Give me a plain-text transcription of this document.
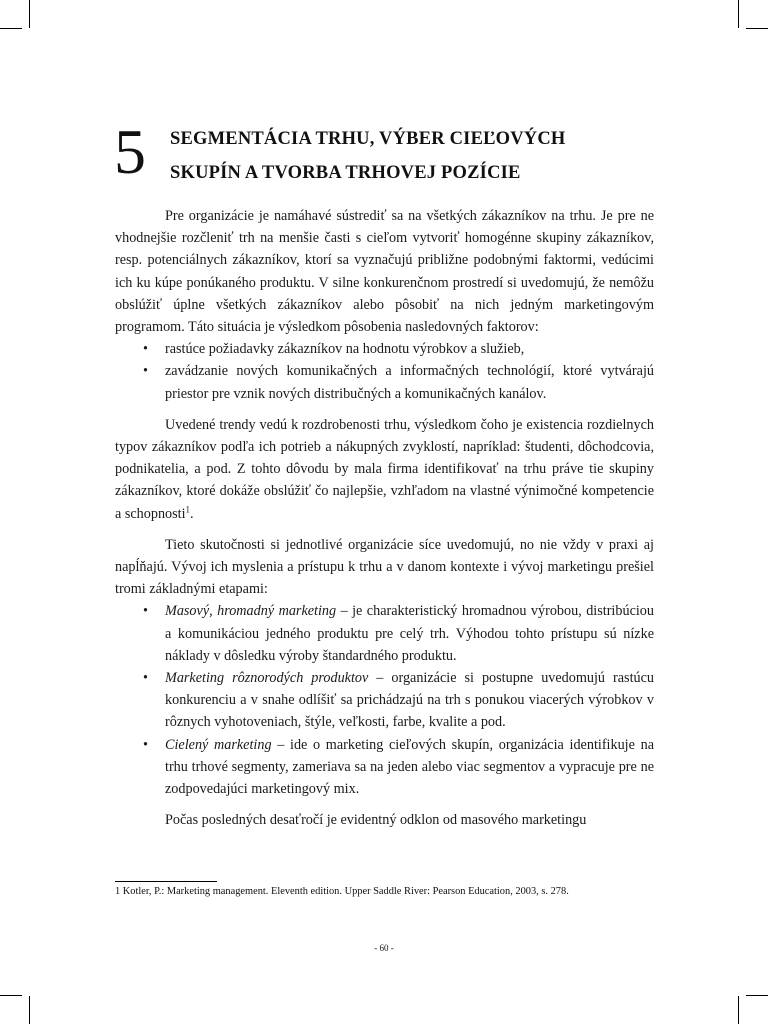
5 SEGMENTÁCIA TRHU, VÝBER CIEĽOVÝCH
SKUPÍN A TVORBA TRHOVEJ POZÍCIE

Pre organizácie je namáhavé sústrediť sa na všetkých zákazníkov na trhu. Je pre ne vhodnejšie rozčleniť trh na menšie časti s cieľom vytvoriť homogénne skupiny zákazníkov, resp. potenciálnych zákazníkov, ktorí sa vyznačujú približne podobnými faktormi, vedúcimi ich ku kúpe ponúkaného produktu. V silne konkurenčnom prostredí si uvedomujú, že nemôžu obslúžiť úplne všetkých zákazníkov alebo pôsobiť na nich jedným marketingovým programom. Táto situácia je výsledkom pôsobenia nasledovných faktorov:

• rastúce požiadavky zákazníkov na hodnotu výrobkov a služieb,
• zavádzanie nových komunikačných a informačných technológií, ktoré vytvárajú priestor pre vznik nových distribučných a komunikačných kanálov.

Uvedené trendy vedú k rozdrobenosti trhu, výsledkom čoho je existencia rozdielnych typov zákazníkov podľa ich potrieb a nákupných zvyklostí, napríklad: študenti, dôchodcovia, podnikatelia, a pod. Z tohto dôvodu by mala firma identifikovať na trhu práve tie skupiny zákazníkov, ktoré dokáže obslúžiť čo najlepšie, vzhľadom na vlastné výnimočné kompetencie a schopnosti$^1$.

Tieto skutočnosti si jednotlivé organizácie síce uvedomujú, no nie vždy v praxi aj napĺňajú. Vývoj ich myslenia a prístupu k trhu a v danom kontexte i vývoj marketingu prešiel tromi základnými etapami:

• Masový, hromadný marketing – je charakteristický hromadnou výrobou, distribúciou a komunikáciou jedného produktu pre celý trh. Výhodou tohto prístupu sú nízke náklady v dôsledku výroby štandardného produktu.
• Marketing rôznorodých produktov – organizácie si postupne uvedomujú rastúcu konkurenciu a v snahe odlíšiť sa prichádzajú na trh s ponukou viacerých výrobkov v rôznych vyhotoveniach, štýle, veľkosti, farbe, kvalite a pod.
• Cielený marketing – ide o marketing cieľových skupín, organizácia identifikuje na trhu trhové segmenty, zameriava sa na jeden alebo viac segmentov a vypracuje pre ne zodpovedajúci marketingový mix.

Počas posledných desaťročí je evidentný odklon od masového marketingu

1 Kotler, P.: Marketing management. Eleventh edition. Upper Saddle River: Pearson Education, 2003, s. 278.
- 60 -
